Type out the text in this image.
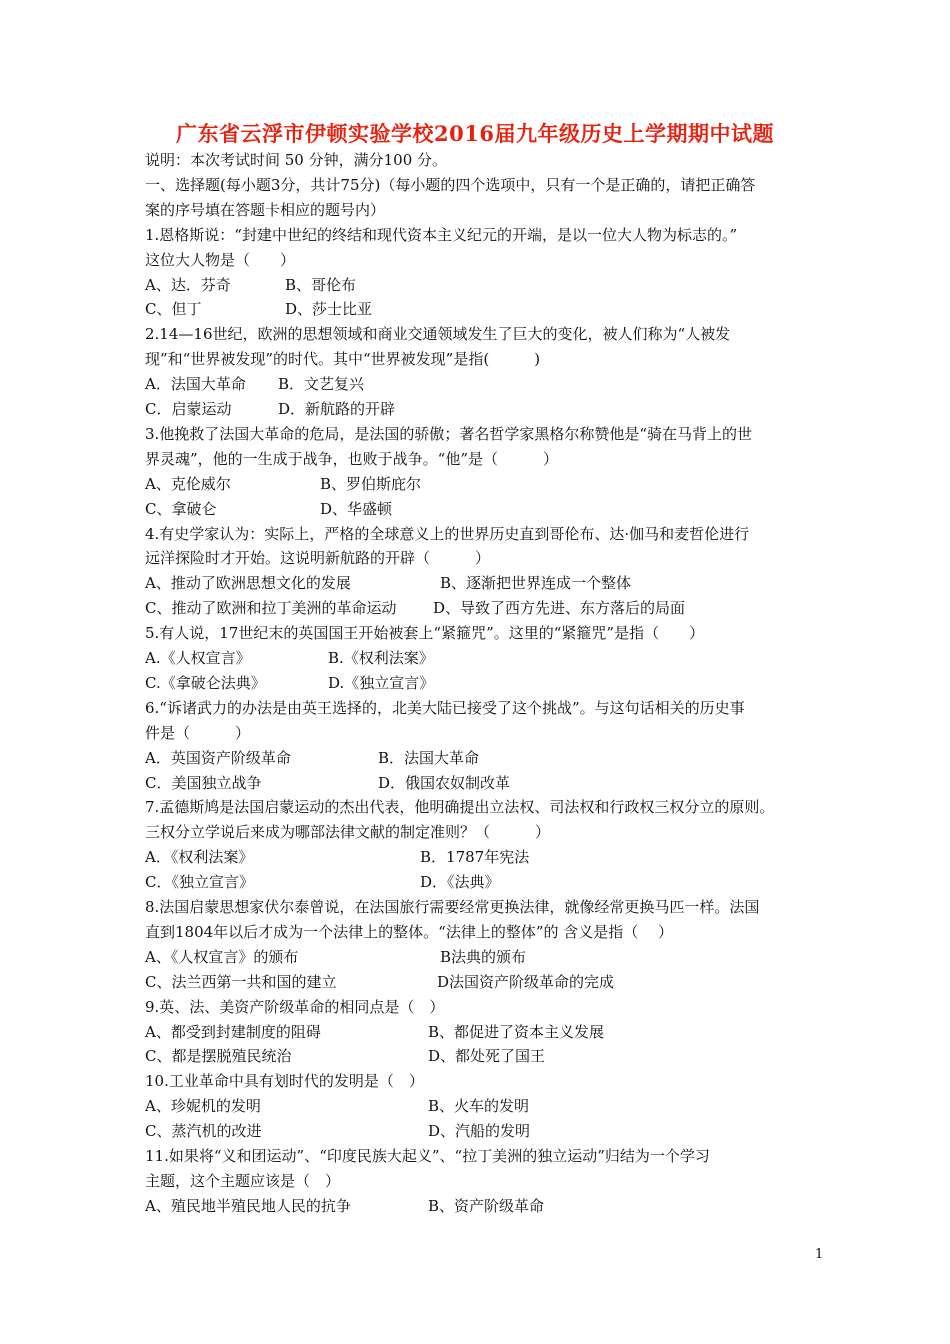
广东省云浮市伊顿实验学校2016届九年级历史上学期期中试题
说明：本次考试时间 50 分钟，满分100 分。
一、选择题(每小题3分，共计75分)（每小题的四个选项中，只有一个是正确的，请把正确答
案的序号填在答题卡相应的题号内）
1.恩格斯说：“封建中世纪的终结和现代资本主义纪元的开端，是以一位大人物为标志的。”
这位大人物是（　　）
A、达．芬奇	B、哥伦布
C、但丁	D、莎士比亚
2.14—16世纪，欧洲的思想领域和商业交通领域发生了巨大的变化，被人们称为“人被发
现”和“世界被发现”的时代。其中“世界被发现”是指(　　　)
A．法国大革命 B．文艺复兴
C．启蒙运动	D．新航路的开辟
3.他挽救了法国大革命的危局，是法国的骄傲；著名哲学家黑格尔称赞他是“骑在马背上的世
界灵魂”，他的一生成于战争，也败于战争。“他”是（　　　）
A、克伦威尔	B、罗伯斯庇尔
C、拿破仑	D、华盛顿
4.有史学家认为：实际上，严格的全球意义上的世界历史直到哥伦布、达·伽马和麦哲伦进行
远洋探险时才开始。这说明新航路的开辟（　　　）
A、推动了欧洲思想文化的发展	B、逐渐把世界连成一个整体
C、推动了欧洲和拉丁美洲的革命运动 D、导致了西方先进、东方落后的局面
5.有人说，17世纪末的英国国王开始被套上“紧箍咒”。这里的“紧箍咒”是指（　　）
A.《人权宣言》	B.《权利法案》
C.《拿破仑法典》	D.《独立宣言》
6.“诉诸武力的办法是由英王选择的，北美大陆已接受了这个挑战”。与这句话相关的历史事
件是（　　　）
A．英国资产阶级革命	B．法国大革命
C．美国独立战争	D．俄国农奴制改革
7.孟德斯鸠是法国启蒙运动的杰出代表，他明确提出立法权、司法权和行政权三权分立的原则。
三权分立学说后来成为哪部法律文献的制定准则？（　　　）
A．《权利法案》	B．1787年宪法
C．《独立宣言》	D．《法典》
8.法国启蒙思想家伏尔泰曾说，在法国旅行需要经常更换法律，就像经常更换马匹一样。法国
直到1804年以后才成为一个法律上的整体。“法律上的整体”的 含义是指（　 ）
A、《人权宣言》的颁布	B法典的颁布
C、法兰西第一共和国的建立	D法国资产阶级革命的完成
9.英、法、美资产阶级革命的相同点是（　）
A、都受到封建制度的阻碍	B、都促进了资本主义发展
C、都是摆脱殖民统治	D、都处死了国王
10.工业革命中具有划时代的发明是（　）
A、珍妮机的发明	B、火车的发明
C、蒸汽机的改进	D、汽船的发明
11.如果将“义和团运动”、“印度民族大起义”、“拉丁美洲的独立运动”归结为一个学习
主题，这个主题应该是（　）
A、殖民地半殖民地人民的抗争	B、资产阶级革命
1
